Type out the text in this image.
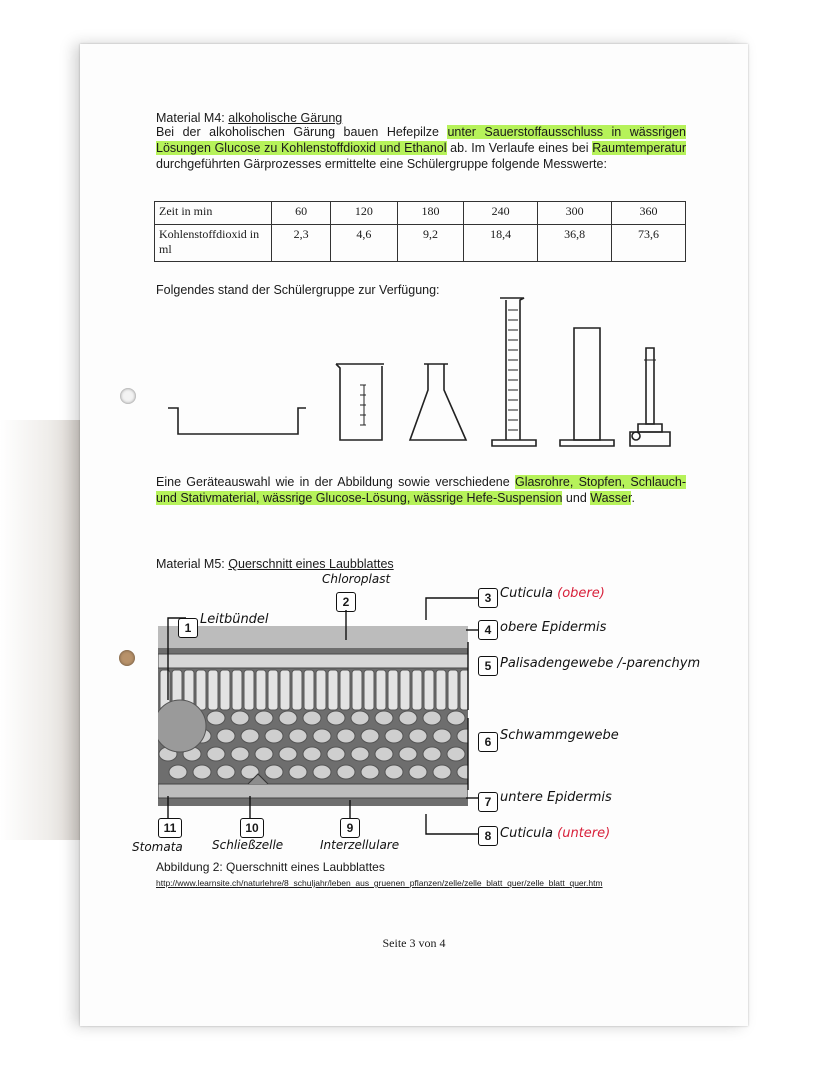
Material M4: alkoholische Gärung
Bei der alkoholischen Gärung bauen Hefepilze unter Sauerstoffausschluss in wässrigen Lösungen Glucose zu Kohlenstoffdioxid und Ethanol ab. Im Verlaufe eines bei Raumtemperatur durchgeführten Gärprozesses ermittelte eine Schülergruppe folgende Messwerte:
Zeit in min	60	120	180	240	300	360
Kohlenstoffdioxid in ml	2,3	4,6	9,2	18,4	36,8	73,6
Folgendes stand der Schülergruppe zur Verfügung:
Eine Geräteauswahl wie in der Abbildung sowie verschiedene Glasrohre, Stopfen, Schlauch- und Stativmaterial, wässrige Glucose-Lösung, wässrige Hefe-Suspension und Wasser.
Material M5: Querschnitt eines Laubblattes
1
Leitbündel
2
Chloroplast
3 Cuticula (obere)
4 obere Epidermis
5 Palisadengewebe /-parenchym
6 Schwammgewebe
7 untere Epidermis
8 Cuticula (untere)
9
Interzellulare
10
Schließzelle
11
Stomata
Abbildung 2: Querschnitt eines Laubblattes
http://www.learnsite.ch/naturlehre/8_schuljahr/leben_aus_gruenen_pflanzen/zelle/zelle_blatt_quer/zelle_blatt_quer.htm
Seite 3 von 4
